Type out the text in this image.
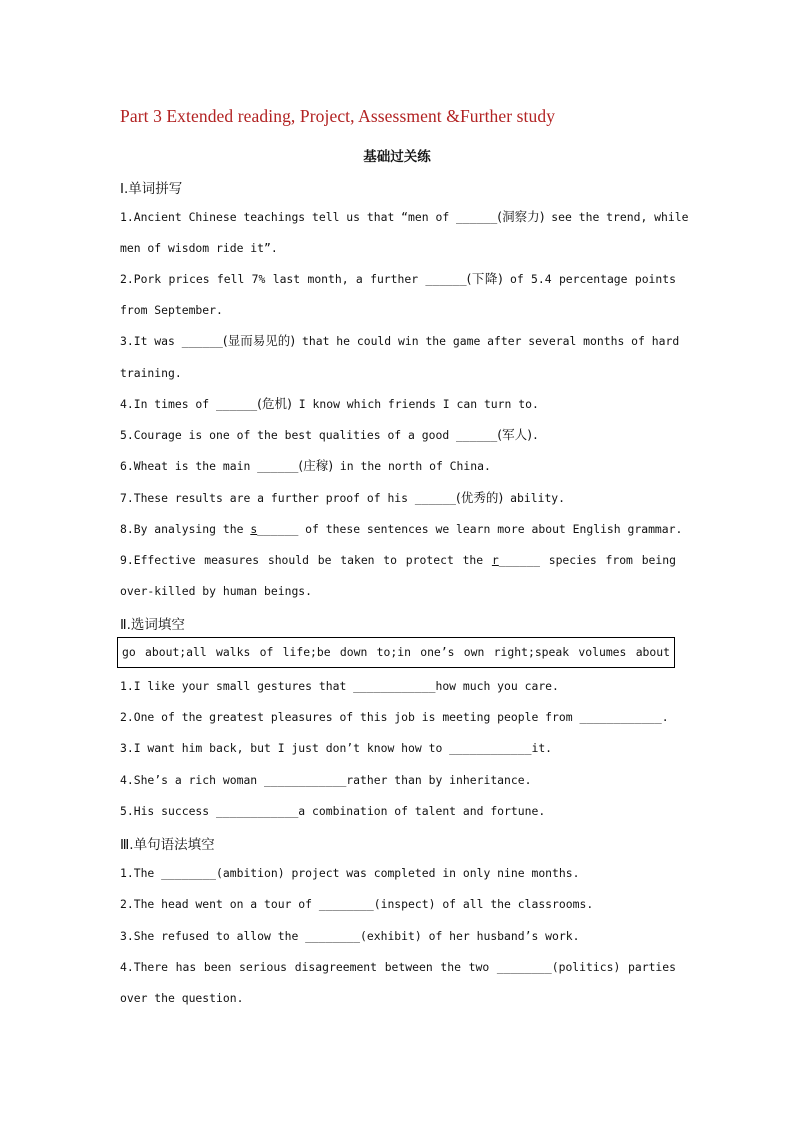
Part 3 Extended reading, Project, Assessment &Further study
基础过关练
Ⅰ.单词拼写
1.Ancient Chinese teachings tell us that “men of ______(洞察力) see the trend, while
men of wisdom ride it”.
2.Pork prices fell 7% last month, a further ______(下降) of 5.4 percentage points
from September.
3.It was ______(显而易见的) that he could win the game after several months of hard
training.
4.In times of ______(危机) I know which friends I can turn to.
5.Courage is one of the best qualities of a good ______(军人).
6.Wheat is the main ______(庄稼) in the north of China.
7.These results are a further proof of his ______(优秀的) ability.
8.By analysing the s______ of these sentences we learn more about English grammar.
9.Effective measures should be taken to protect the r______ species from being
over-killed by human beings.
Ⅱ.选词填空
go about;all walks of life;be down to;in one’s own right;speak volumes about
1.I like your small gestures that ____________how much you care.
2.One of the greatest pleasures of this job is meeting people from ____________.
3.I want him back, but I just don’t know how to ____________it.
4.She’s a rich woman ____________rather than by inheritance.
5.His success ____________a combination of talent and fortune.
Ⅲ.单句语法填空
1.The ________(ambition) project was completed in only nine months.
2.The head went on a tour of ________(inspect) of all the classrooms.
3.She refused to allow the ________(exhibit) of her husband’s work.
4.There has been serious disagreement between the two ________(politics) parties
over the question.
